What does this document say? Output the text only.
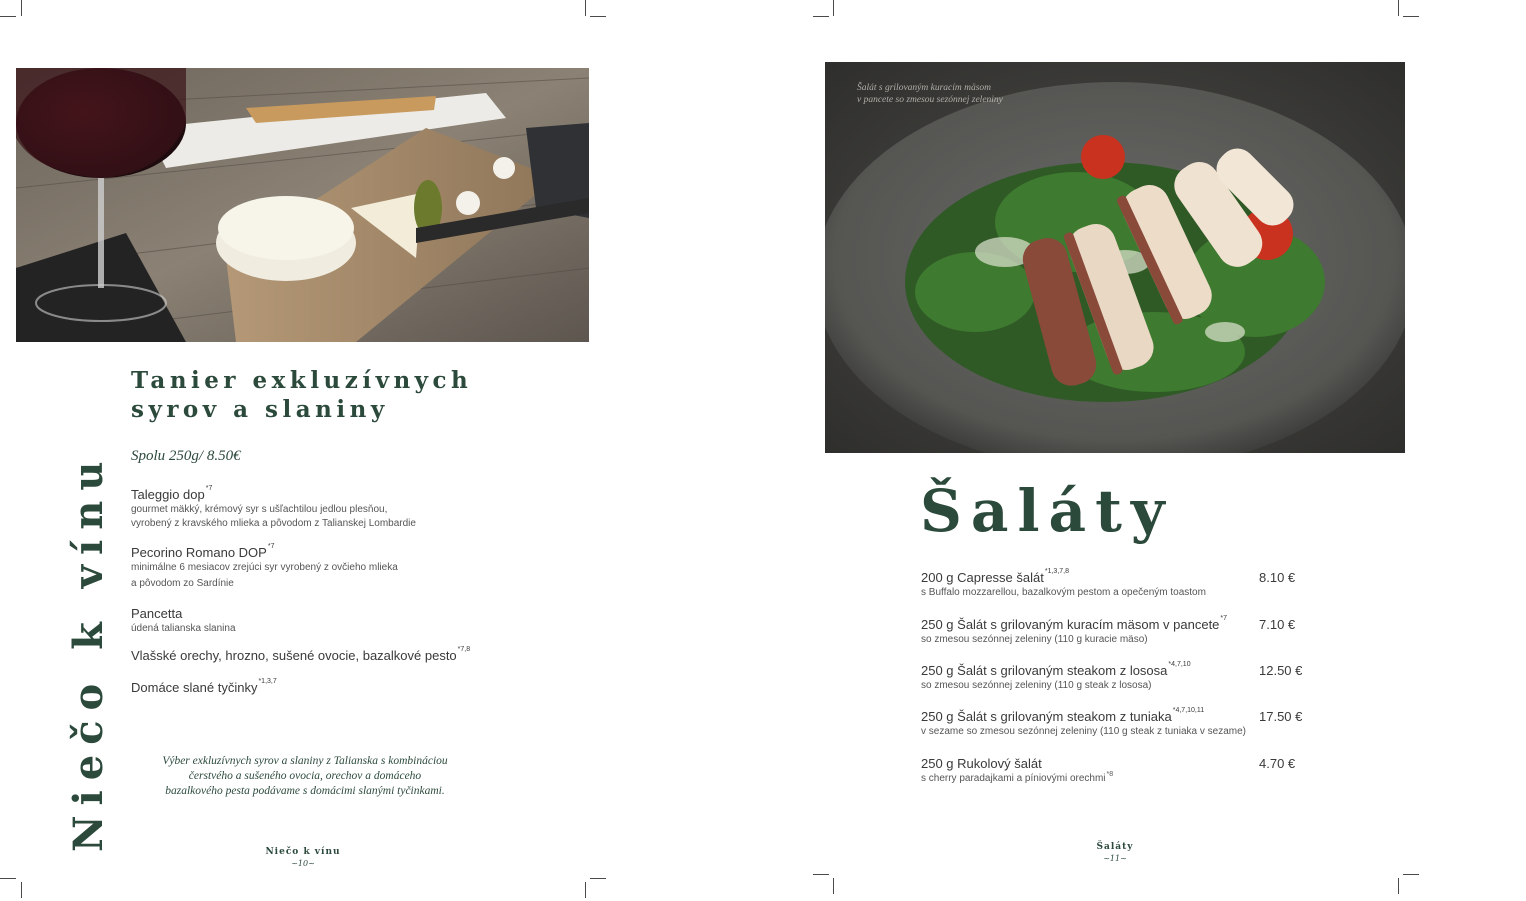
Niečo k vínu
Tanier exkluzívnych
syrov a slaniny
Spolu 250g/ 8.50€
Taleggio dop$^{*7}$
gourmet mäkký, krémový syr s ušľachtilou jedlou plesňou,
vyrobený z kravského mlieka a pôvodom z Talianskej Lombardie
Pecorino Romano DOP$^{*7}$
minimálne 6 mesiacov zrejúci syr vyrobený z ovčieho mlieka
a pôvodom zo Sardínie
Pancetta
údená talianska slanina
Vlašské orechy, hrozno, sušené ovocie, bazalkové pesto$^{*7,8}$
Domáce slané tyčinky$^{*1,3,7}$
Výber exkluzívnych syrov a slaniny z Talianska s kombináciou
čerstvého a sušeného ovocia, orechov a domáceho
bazalkového pesta podávame s domácimi slanými tyčinkami.
Niečo k vínu
~10~
Šalát s grilovaným kuracím mäsom
v pancete so zmesou sezónnej zeleniny
Šaláty
200 g Capresse šalát$^{*1,3,7,8}$
s Buffalo mozzarellou, bazalkovým pestom a opečeným toastom
8.10 €
250 g Šalát s grilovaným kuracím mäsom v pancete$^{*7}$
so zmesou sezónnej zeleniny (110 g kuracie mäso)
7.10 €
250 g Šalát s grilovaným steakom z lososa$^{*4,7,10}$
so zmesou sezónnej zeleniny (110 g steak z lososa)
12.50 €
250 g Šalát s grilovaným steakom z tuniaka$^{*4,7,10,11}$
v sezame so zmesou sezónnej zeleniny (110 g steak z tuniaka v sezame)
17.50 €
250 g Rukolový šalát
s cherry paradajkami a píniovými orechmi$^{*8}$
4.70 €
Šaláty
~11~
